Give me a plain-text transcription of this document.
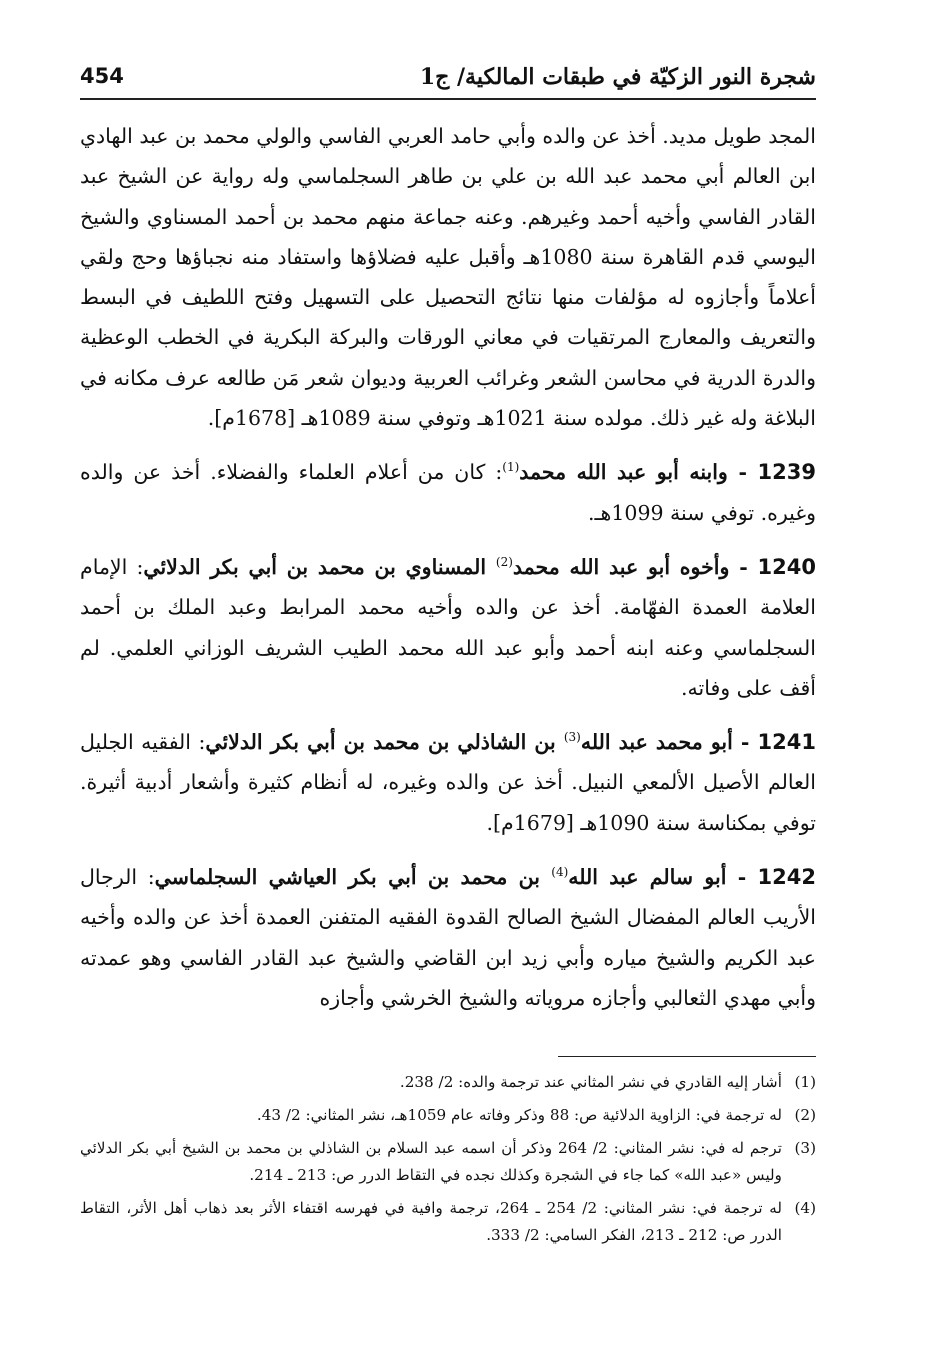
شجرة النور الزكيّة في طبقات المالكية/ ج1
454

المجد طويل مديد. أخذ عن والده وأبي حامد العربي الفاسي والولي محمد بن عبد الهادي ابن العالم أبي محمد عبد الله بن علي بن طاهر السجلماسي وله رواية عن الشيخ عبد القادر الفاسي وأخيه أحمد وغيرهم. وعنه جماعة منهم محمد بن أحمد المسناوي والشيخ اليوسي قدم القاهرة سنة 1080هـ وأقبل عليه فضلاؤها واستفاد منه نجباؤها وحج ولقي أعلاماً وأجازوه له مؤلفات منها نتائج التحصيل على التسهيل وفتح اللطيف في البسط والتعريف والمعارج المرتقيات في معاني الورقات والبركة البكرية في الخطب الوعظية والدرة الدرية في محاسن الشعر وغرائب العربية وديوان شعر مَن طالعه عرف مكانه في البلاغة وله غير ذلك. مولده سنة 1021هـ وتوفي سنة 1089هـ [1678م].

1239 - وابنه أبو عبد الله محمد$^{(1)}$: كان من أعلام العلماء والفضلاء. أخذ عن والده وغيره. توفي سنة 1099هـ.

1240 - وأخوه أبو عبد الله محمد$^{(2)}$ المسناوي بن محمد بن أبي بكر الدلائي: الإمام العلامة العمدة الفهّامة. أخذ عن والده وأخيه محمد المرابط وعبد الملك بن أحمد السجلماسي وعنه ابنه أحمد وأبو عبد الله محمد الطيب الشريف الوزاني العلمي. لم أقف على وفاته.

1241 - أبو محمد عبد الله$^{(3)}$ بن الشاذلي بن محمد بن أبي بكر الدلائي: الفقيه الجليل العالم الأصيل الألمعي النبيل. أخذ عن والده وغيره، له أنظام كثيرة وأشعار أدبية أثيرة. توفي بمكناسة سنة 1090هـ [1679م].

1242 - أبو سالم عبد الله$^{(4)}$ بن محمد بن أبي بكر العياشي السجلماسي: الرجال الأريب العالم المفضال الشيخ الصالح القدوة الفقيه المتفنن العمدة أخذ عن والده وأخيه عبد الكريم والشيخ مياره وأبي زيد ابن القاضي والشيخ عبد القادر الفاسي وهو عمدته وأبي مهدي الثعالبي وأجازه مروياته والشيخ الخرشي وأجازه

(1)
أشار إليه القادري في نشر المثاني عند ترجمة والده: 2/ 238.
(2)
له ترجمة في: الزاوية الدلائية ص: 88 وذكر وفاته عام 1059هـ، نشر المثاني: 2/ 43.
(3)
ترجم له في: نشر المثاني: 2/ 264 وذكر أن اسمه عبد السلام بن الشاذلي بن محمد بن الشيخ أبي بكر الدلائي وليس «عبد الله» كما جاء في الشجرة وكذلك نجده في التقاط الدرر ص: 213 ـ 214.
(4)
له ترجمة في: نشر المثاني: 2/ 254 ـ 264، ترجمة وافية في فهرسه اقتفاء الأثر بعد ذهاب أهل الأثر، التقاط الدرر ص: 212 ـ 213، الفكر السامي: 2/ 333.
